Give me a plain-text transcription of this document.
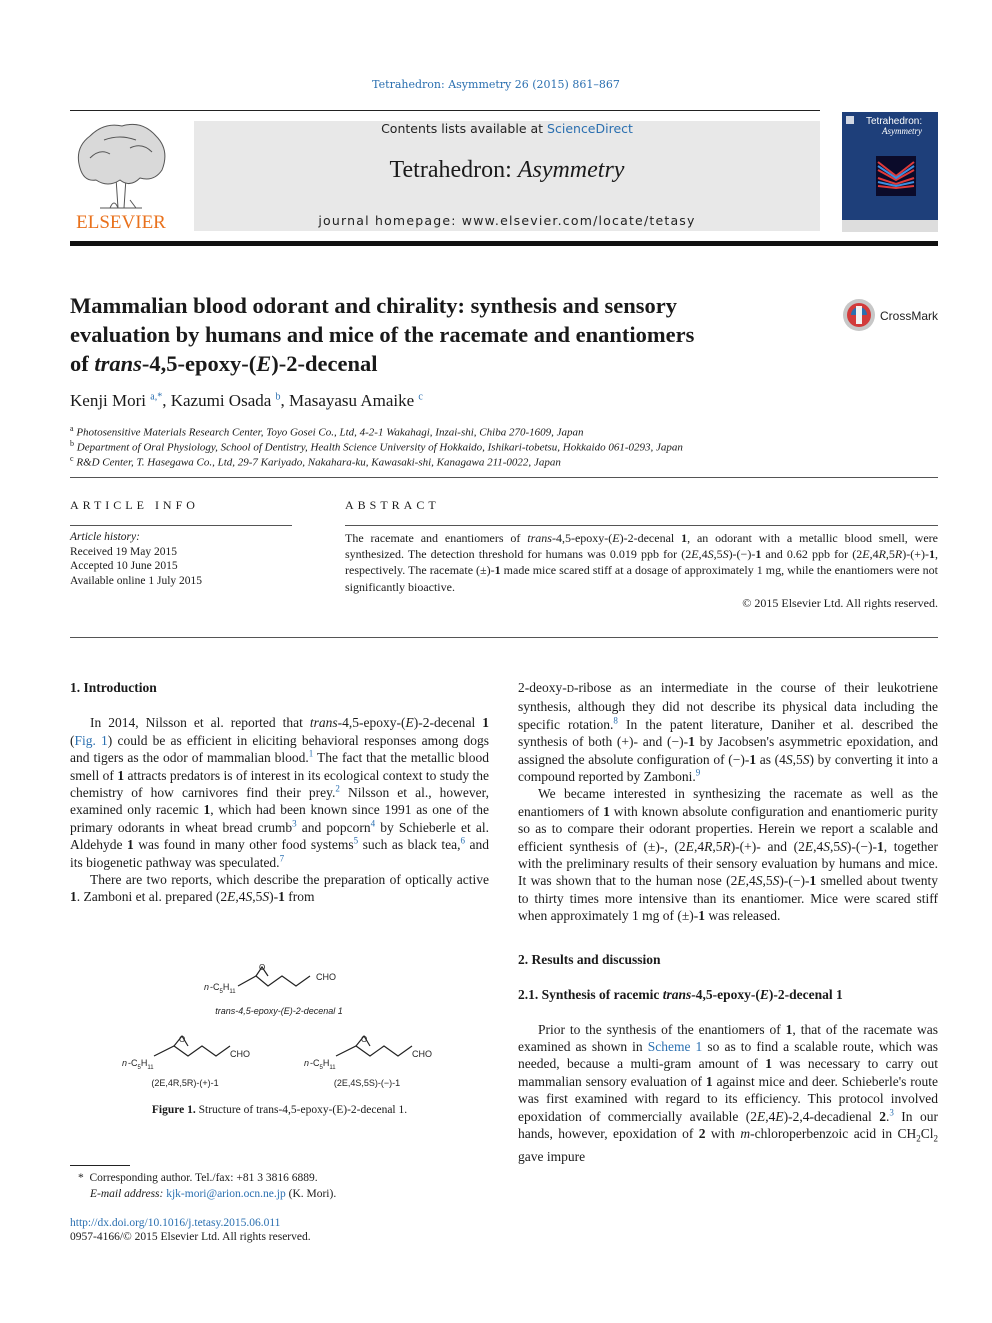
Tetrahedron: Asymmetry 26 (2015) 861–867
ELSEVIER
Contents lists available at ScienceDirect
Tetrahedron: Asymmetry
journal homepage: www.elsevier.com/locate/tetasy
Tetrahedron:
Asymmetry
Mammalian blood odorant and chirality: synthesis and sensory
evaluation by humans and mice of the racemate and enantiomers
of trans-4,5-epoxy-(E)-2-decenal
CrossMark
Kenji Mori $^{a,*}$, Kazumi Osada $^b$, Masayasu Amaike $^c$
$^a$ Photosensitive Materials Research Center, Toyo Gosei Co., Ltd, 4-2-1 Wakahagi, Inzai-shi, Chiba 270-1609, Japan
$^b$ Department of Oral Physiology, School of Dentistry, Health Science University of Hokkaido, Ishikari-tobetsu, Hokkaido 061-0293, Japan
$^c$ R&D Center, T. Hasegawa Co., Ltd, 29-7 Kariyado, Nakahara-ku, Kawasaki-shi, Kanagawa 211-0022, Japan
ARTICLE INFO	ABSTRACT
Article history:
Received 19 May 2015
Accepted 10 June 2015
Available online 1 July 2015
The racemate and enantiomers of trans-4,5-epoxy-(E)-2-decenal 1, an odorant with a metallic blood smell, were synthesized. The detection threshold for humans was 0.019 ppb for (2E,4S,5S)-(−)-1 and 0.62 ppb for (2E,4R,5R)-(+)-1, respectively. The racemate (±)-1 made mice scared stiff at a dosage of approximately 1 mg, while the enantiomers were not significantly bioactive.
© 2015 Elsevier Ltd. All rights reserved.
1. Introduction

In 2014, Nilsson et al. reported that trans-4,5-epoxy-(E)-2-decenal 1 (Fig. 1) could be as efficient in eliciting behavioral responses among dogs and tigers as the odor of mammalian blood.$^1$ The fact that the metallic blood smell of 1 attracts predators is of interest in its ecological context to study the chemistry of how carnivores find their prey.$^2$ Nilsson et al., however, examined only racemic 1, which had been known since 1991 as one of the primary odorants in wheat bread crumb$^3$ and popcorn$^4$ by Schieberle et al. Aldehyde 1 was found in many other food systems$^5$ such as black tea,$^6$ and its biogenetic pathway was speculated.$^7$

There are two reports, which describe the preparation of optically active 1. Zamboni et al. prepared (2E,4S,5S)-1 from

n $-C_5H_{11}$
O
CHO
trans-4,5-epoxy-(E)-2-decenal 1
n $-C_5H_{11}$
O
CHO
(2E,4R,5R)-(+)-1
n $-C_5H_{11}$
O
CHO
(2E,4S,5S)-(−)-1
Figure 1. Structure of trans-4,5-epoxy-(E)-2-decenal 1.
* Corresponding author. Tel./fax: +81 3 3816 6889.
E-mail address: kjk-mori@arion.ocn.ne.jp (K. Mori).
http://dx.doi.org/10.1016/j.tetasy.2015.06.011
0957-4166/© 2015 Elsevier Ltd. All rights reserved.

2-deoxy-D-ribose as an intermediate in the course of their leukotriene synthesis, although they did not describe its physical data including the specific rotation.$^8$ In the patent literature, Daniher et al. described the synthesis of both (+)- and (−)-1 by Jacobsen's asymmetric epoxidation, and assigned the absolute configuration of (−)-1 as (4S,5S) by converting it into a compound reported by Zamboni.$^9$

We became interested in synthesizing the racemate as well as the enantiomers of 1 with known absolute configuration and enantiomeric purity so as to compare their odorant properties. Herein we report a scalable and efficient synthesis of (±)-, (2E,4R,5R)-(+)- and (2E,4S,5S)-(−)-1, together with the preliminary results of their sensory evaluation by humans and mice. It was shown that to the human nose (2E,4S,5S)-(−)-1 smelled about twenty to thirty times more intensive than its enantiomer. Mice were scared stiff when approximately 1 mg of (±)-1 was released.

2. Results and discussion
2.1. Synthesis of racemic trans-4,5-epoxy-(E)-2-decenal 1

Prior to the synthesis of the enantiomers of 1, that of the racemate was examined as shown in Scheme 1 so as to find a scalable route, which was needed, because a multi-gram amount of 1 was necessary to carry out mammalian sensory evaluation of 1 against mice and deer. Schieberle's route was first examined with regard to its efficiency. This protocol involved epoxidation of commercially available (2E,4E)-2,4-decadienal 2.$^3$ In our hands, however, epoxidation of 2 with m-chloroperbenzoic acid in $CH_2Cl_2$ gave impure
